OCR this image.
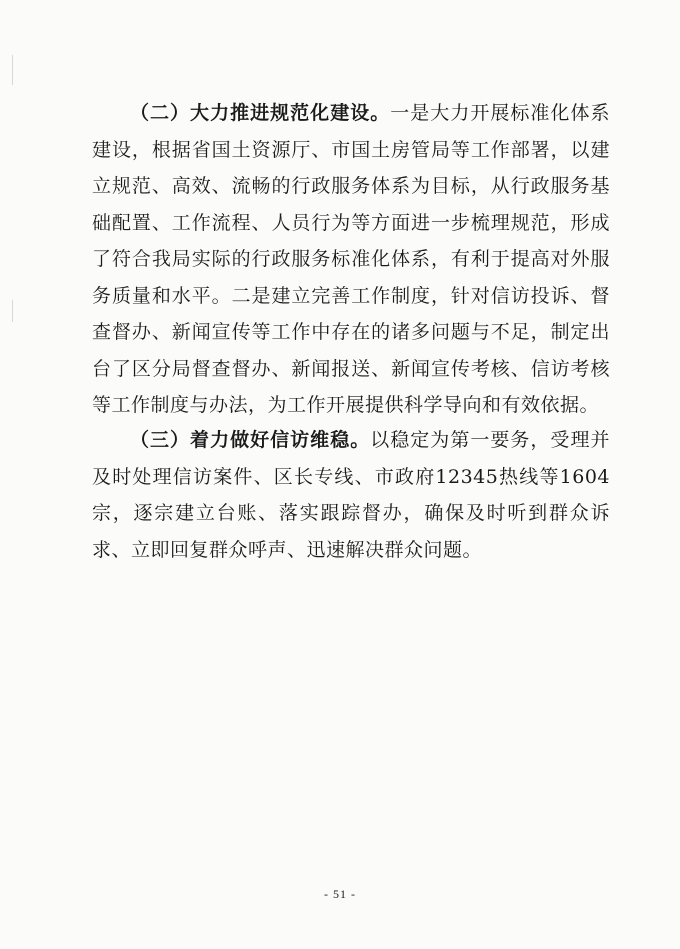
（二）大力推进规范化建设。一是大力开展标准化体系建设，根据省国土资源厅、市国土房管局等工作部署，以建立规范、高效、流畅的行政服务体系为目标，从行政服务基础配置、工作流程、人员行为等方面进一步梳理规范，形成了符合我局实际的行政服务标准化体系，有利于提高对外服务质量和水平。二是建立完善工作制度，针对信访投诉、督查督办、新闻宣传等工作中存在的诸多问题与不足，制定出台了区分局督查督办、新闻报送、新闻宣传考核、信访考核等工作制度与办法，为工作开展提供科学导向和有效依据。

（三）着力做好信访维稳。以稳定为第一要务，受理并及时处理信访案件、区长专线、市政府12345热线等1604宗，逐宗建立台账、落实跟踪督办，确保及时听到群众诉求、立即回复群众呼声、迅速解决群众问题。

- 51 -
